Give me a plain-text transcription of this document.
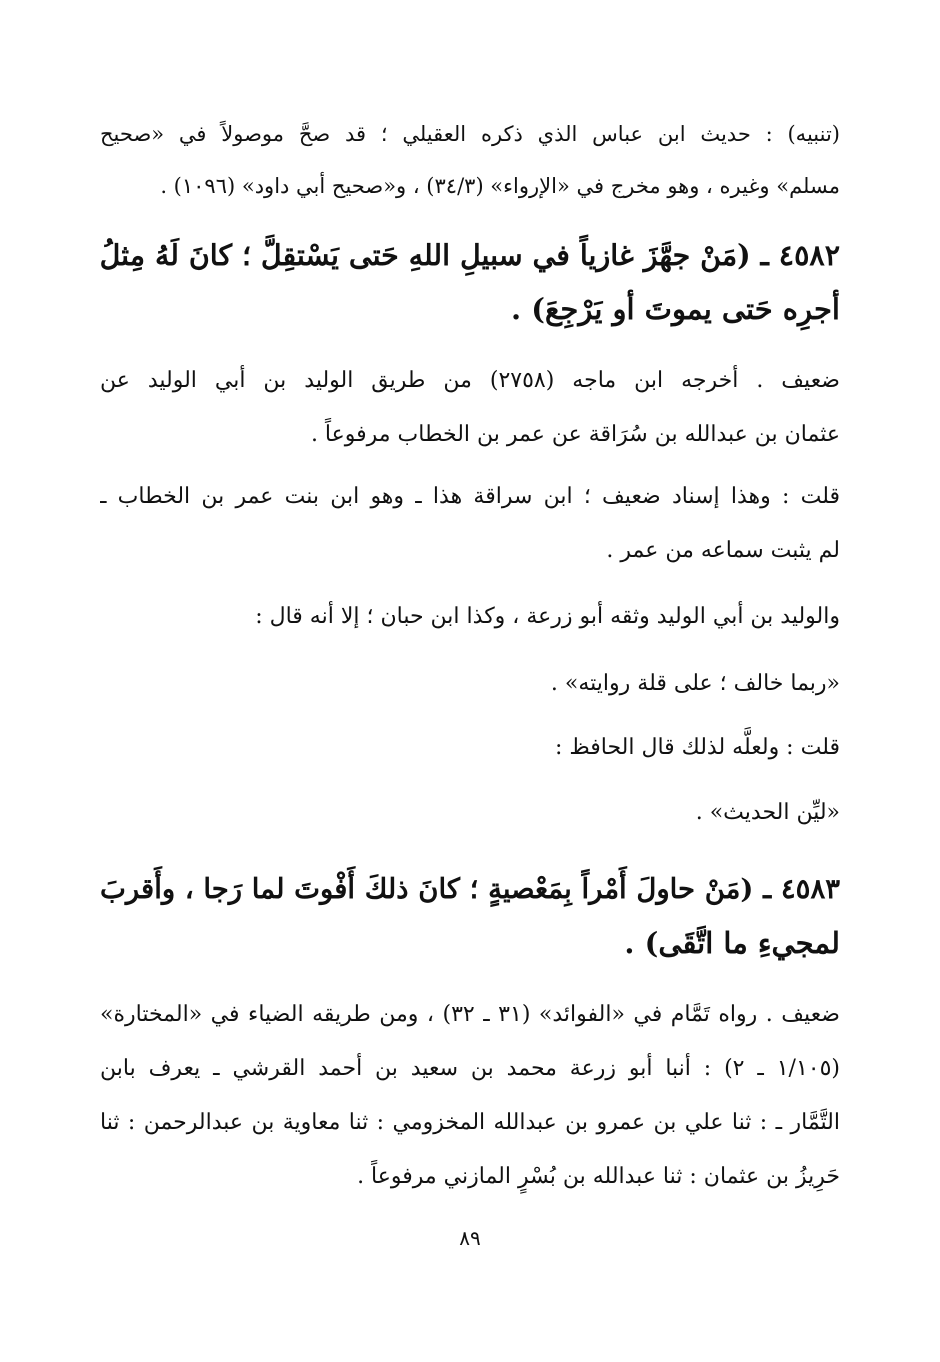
(تنبيه) : حديث ابن عباس الذي ذكره العقيلي ؛ قد صحَّ موصولاً في «صحيح
مسلم» وغيره ، وهو مخرج في «الإرواء» (٣٤/٣) ، و«صحيح أبي داود» (١٠٩٦) .
٤٥٨٢ ـ (مَنْ جهَّزَ غازياً في سبيلِ اللهِ حَتى يَسْتقِلَّ ؛ كانَ لَهُ مِثلُ
أجرِه حَتى يموتَ أو يَرْجِعَ) .
ضعيف . أخرجه ابن ماجه (٢٧٥٨) من طريق الوليد بن أبي الوليد عن
عثمان بن عبدالله بن سُرَاقة عن عمر بن الخطاب مرفوعاً .
قلت : وهذا إسناد ضعيف ؛ ابن سراقة هذا ـ وهو ابن بنت عمر بن الخطاب ـ
لم يثبت سماعه من عمر .
والوليد بن أبي الوليد وثقه أبو زرعة ، وكذا ابن حبان ؛ إلا أنه قال :
«ربما خالف ؛ على قلة روايته» .
قلت : ولعلَّه لذلك قال الحافظ :
«ليِّن الحديث» .
٤٥٨٣ ـ (مَنْ حاولَ أَمْراً بِمَعْصيةٍ ؛ كانَ ذلكَ أَفْوتَ لما رَجا ، وأَقربَ
لمجيءِ ما اتَّقَى) .
ضعيف . رواه تَمَّام في «الفوائد» (٣١ ـ ٣٢) ، ومن طريقه الضياء في «المختارة»
(١/١٠٥ ـ ٢) : أنبا أبو زرعة محمد بن سعيد بن أحمد القرشي ـ يعرف بابن
التَّمَّار ـ : ثنا علي بن عمرو بن عبدالله المخزومي : ثنا معاوية بن عبدالرحمن : ثنا
حَرِيزُ بن عثمان : ثنا عبدالله بن بُسْرٍ المازني مرفوعاً .
٨٩
